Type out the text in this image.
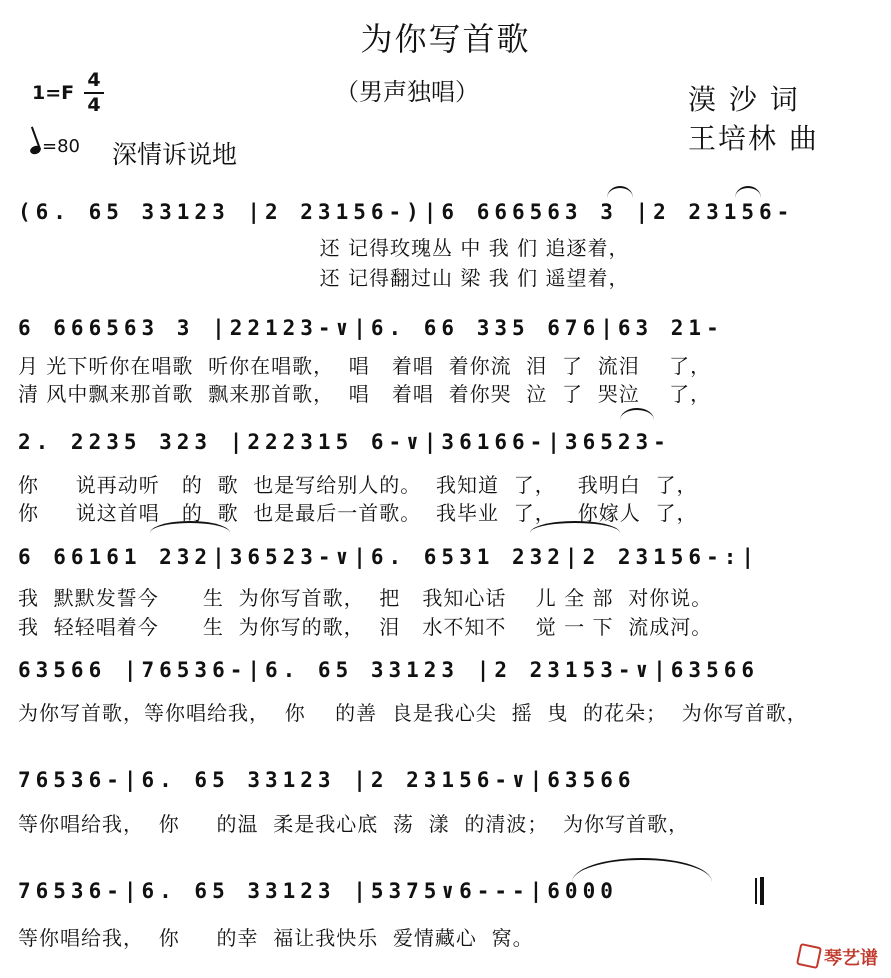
为你写首歌
（男声独唱）
1=F
4
4
=80 深情诉说地
漠 沙 词
王培林 曲
(6. 65 33123 |2 23156-)|6 666563 3 |2 23156-
还 记得玫瑰丛 中 我 们 追逐着，
还 记得翻过山 梁 我 们 遥望着，
6 666563 3 |22123-∨|6. 66 335 676|63 21-
月 光下听你在唱歌  听你在唱歌，  唱   着唱  着你流  泪  了  流泪    了，
清 风中飘来那首歌  飘来那首歌，  唱   着唱  着你哭  泣  了  哭泣    了，
2. 2235 323 |222315 6-∨|36166-|36523-
你     说再动听   的  歌  也是写给别人的。  我知道  了，   我明白  了，
你     说这首唱   的  歌  也是最后一首歌。  我毕业  了，   你嫁人  了，
6 66161 232|36523-∨|6. 6531 232|2 23156-:|
我  默默发誓今      生  为你写首歌，  把   我知心话    儿 全 部  对你说。
我  轻轻唱着今      生  为你写的歌，  泪   水不知不    觉 一 下  流成河。
63566 |76536-|6. 65 33123 |2 23153-∨|63566
为你写首歌，等你唱给我，  你    的善  良是我心尖  摇  曳  的花朵；  为你写首歌，
76536-|6. 65 33123 |2 23156-∨|63566
等你唱给我，  你     的温  柔是我心底  荡  漾  的清波；  为你写首歌，
76536-|6. 65 33123 |5375∨6---|6000
等你唱给我，  你     的幸  福让我快乐  爱情藏心  窝。
琴艺谱
